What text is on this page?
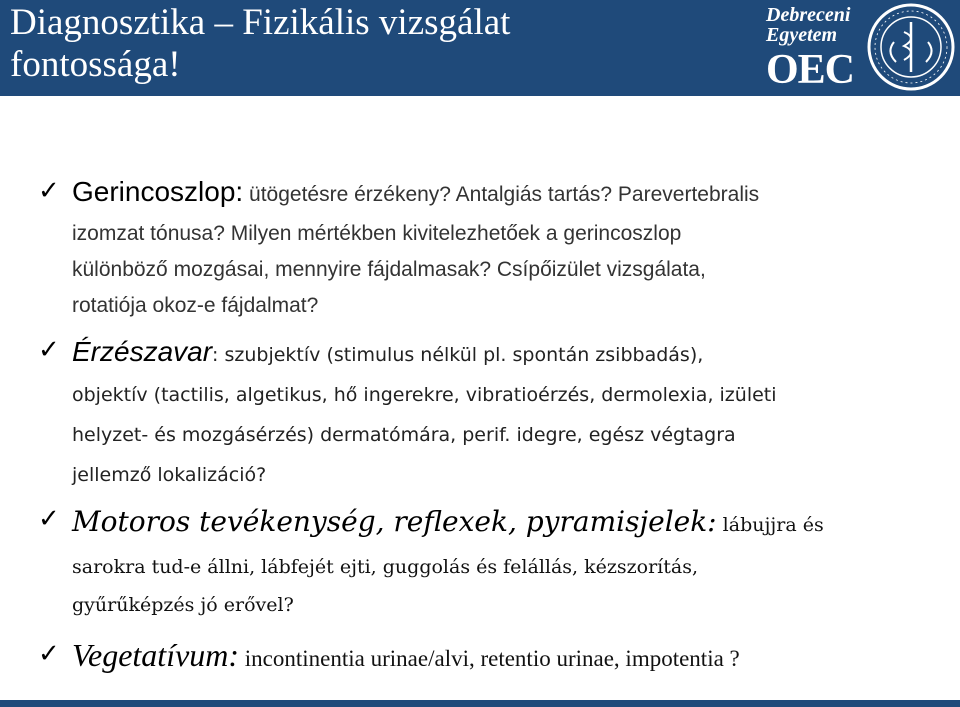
Diagnosztika – Fizikális vizsgálat fontossága!
Debreceni
Egyetem
OEC
✓ Gerincoszlop: ütögetésre érzékeny? Antalgiás tartás? Parevertebralis
izomzat tónusa? Milyen mértékben kivitelezhetőek a gerincoszlop
különböző mozgásai, mennyire fájdalmasak? Csípőizület vizsgálata,
rotatiója okoz-e fájdalmat?
✓ Érzészavar: szubjektív (stimulus nélkül pl. spontán zsibbadás),
objektív (tactilis, algetikus, hő ingerekre, vibratioérzés, dermolexia, izületi
helyzet- és mozgásérzés) dermatómára, perif. idegre, egész végtagra
jellemző lokalizáció?
✓ Motoros tevékenység, reflexek, pyramisjelek: lábujjra és
sarokra tud-e állni, lábfejét ejti, guggolás és felállás, kézszorítás,
gyűrűképzés jó erővel?
✓ Vegetatívum: incontinentia urinae/alvi, retentio urinae, impotentia ?
